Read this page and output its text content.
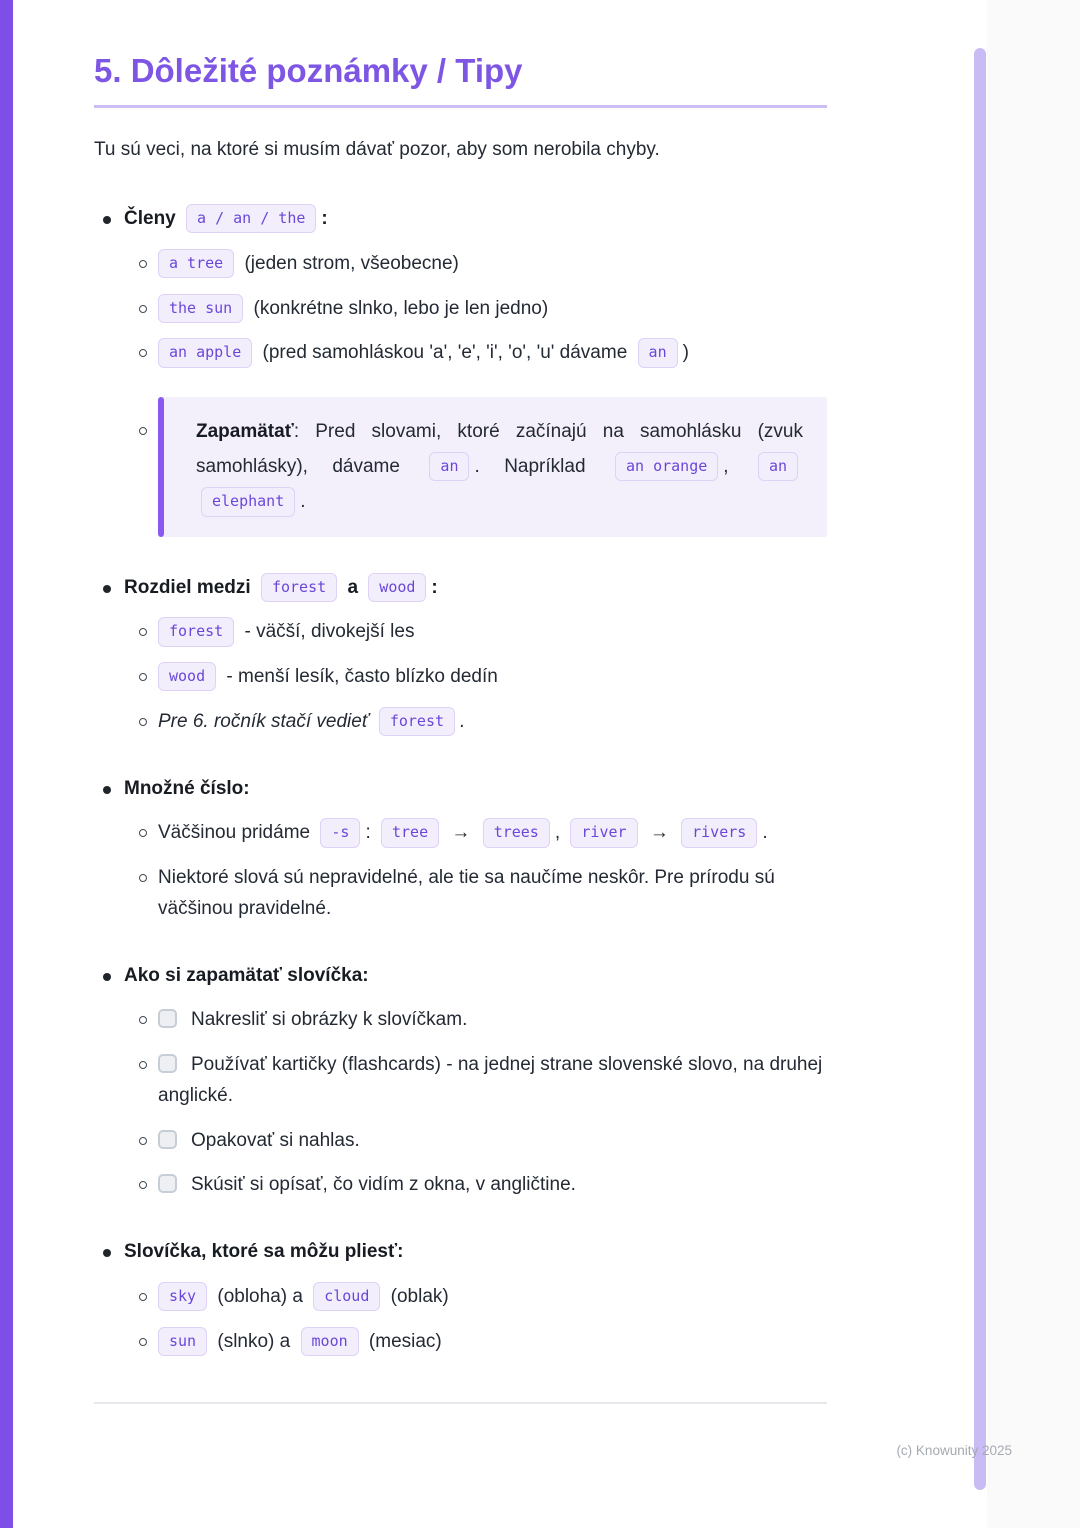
(c) Knowunity 2025
5. Dôležité poznámky / Tipy

Tu sú veci, na ktoré si musím dávať pozor, aby som nerobila chyby.

Členy a / an / the :
a tree (jeden strom, všeobecne)
the sun (konkrétne slnko, lebo je len jedno)
an apple (pred samohláskou 'a', 'e', 'i', 'o', 'u' dávame an )
Zapamätať: Pred slovami, ktoré začínajú na samohlásku (zvuk samohlásky), dávame	an . Napríklad	an orange ,	an elephant .
Rozdiel medzi forest a wood :
forest - väčší, divokejší les
wood - menší lesík, často blízko dedín
Pre 6. ročník stačí vedieť forest .
Množné číslo:
Väčšinou pridáme -s : tree → trees , river → rivers .
Niektoré slová sú nepravidelné, ale tie sa naučíme neskôr. Pre prírodu sú väčšinou pravidelné.
Ako si zapamätať slovíčka:
Nakresliť si obrázky k slovíčkam.
Používať kartičky (flashcards) - na jednej strane slovenské slovo, na druhej anglické.
Opakovať si nahlas.
Skúsiť si opísať, čo vidím z okna, v angličtine.
Slovíčka, ktoré sa môžu pliesť:
sky (obloha) a cloud (oblak)
sun (slnko) a moon (mesiac)
